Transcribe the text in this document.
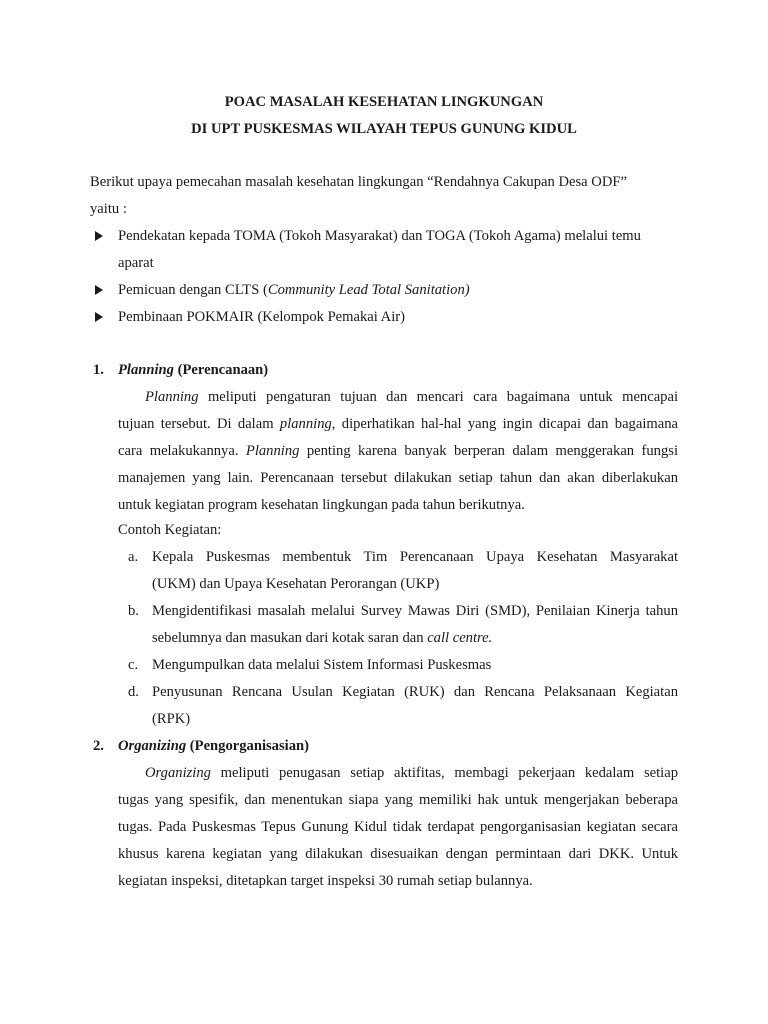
POAC MASALAH KESEHATAN LINGKUNGAN
DI UPT PUSKESMAS WILAYAH TEPUS GUNUNG KIDUL
Berikut upaya pemecahan masalah kesehatan lingkungan “Rendahnya Cakupan Desa ODF”
yaitu :
Pendekatan kepada TOMA (Tokoh Masyarakat) dan TOGA (Tokoh Agama) melalui temu
aparat
Pemicuan dengan CLTS (Community Lead Total Sanitation)
Pembinaan POKMAIR (Kelompok Pemakai Air)
1. Planning (Perencanaan)
Planning meliputi pengaturan tujuan dan mencari cara bagaimana untuk mencapai
tujuan tersebut. Di dalam planning, diperhatikan hal-hal yang ingin dicapai dan bagaimana
cara melakukannya. Planning penting karena banyak berperan dalam menggerakan fungsi
manajemen yang lain. Perencanaan tersebut dilakukan setiap tahun dan akan diberlakukan
untuk kegiatan program kesehatan lingkungan pada tahun berikutnya.
Contoh Kegiatan:
a. Kepala Puskesmas membentuk Tim Perencanaan Upaya Kesehatan Masyarakat
(UKM) dan Upaya Kesehatan Perorangan (UKP)
b. Mengidentifikasi masalah melalui Survey Mawas Diri (SMD), Penilaian Kinerja tahun
sebelumnya dan masukan dari kotak saran dan call centre.
c. Mengumpulkan data melalui Sistem Informasi Puskesmas
d. Penyusunan Rencana Usulan Kegiatan (RUK) dan Rencana Pelaksanaan Kegiatan
(RPK)
2. Organizing (Pengorganisasian)
Organizing meliputi penugasan setiap aktifitas, membagi pekerjaan kedalam setiap
tugas yang spesifik, dan menentukan siapa yang memiliki hak untuk mengerjakan beberapa
tugas. Pada Puskesmas Tepus Gunung Kidul tidak terdapat pengorganisasian kegiatan secara
khusus karena kegiatan yang dilakukan disesuaikan dengan permintaan dari DKK. Untuk
kegiatan inspeksi, ditetapkan target inspeksi 30 rumah setiap bulannya.
